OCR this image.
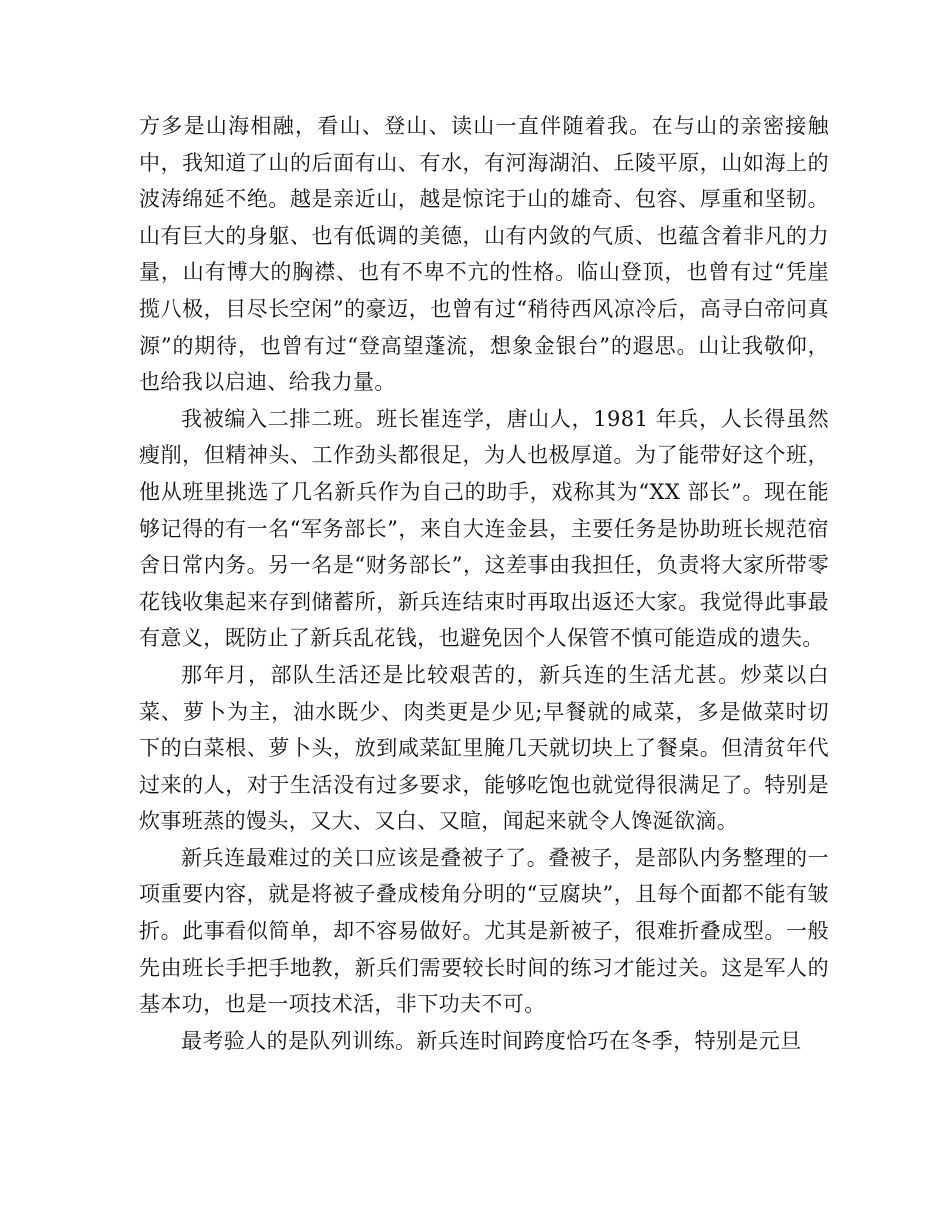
方多是山海相融，看山、登山、读山一直伴随着我。在与山的亲密接触中，我知道了山的后面有山、有水，有河海湖泊、丘陵平原，山如海上的波涛绵延不绝。越是亲近山，越是惊诧于山的雄奇、包容、厚重和坚韧。山有巨大的身躯、也有低调的美德，山有内敛的气质、也蕴含着非凡的力量，山有博大的胸襟、也有不卑不亢的性格。临山登顶，也曾有过“凭崖揽八极，目尽长空闲”的豪迈，也曾有过“稍待西风凉冷后，高寻白帝问真源”的期待，也曾有过“登高望蓬流，想象金银台”的遐思。山让我敬仰，也给我以启迪、给我力量。

我被编入二排二班。班长崔连学，唐山人，1981 年兵，人长得虽然瘦削，但精神头、工作劲头都很足，为人也极厚道。为了能带好这个班，他从班里挑选了几名新兵作为自己的助手，戏称其为“XX 部长”。现在能够记得的有一名“军务部长”，来自大连金县，主要任务是协助班长规范宿舍日常内务。另一名是“财务部长”，这差事由我担任，负责将大家所带零花钱收集起来存到储蓄所，新兵连结束时再取出返还大家。我觉得此事最有意义，既防止了新兵乱花钱，也避免因个人保管不慎可能造成的遗失。

那年月，部队生活还是比较艰苦的，新兵连的生活尤甚。炒菜以白菜、萝卜为主，油水既少、肉类更是少见;早餐就的咸菜，多是做菜时切下的白菜根、萝卜头，放到咸菜缸里腌几天就切块上了餐桌。但清贫年代过来的人，对于生活没有过多要求，能够吃饱也就觉得很满足了。特别是炊事班蒸的馒头，又大、又白、又暄，闻起来就令人馋涎欲滴。

新兵连最难过的关口应该是叠被子了。叠被子，是部队内务整理的一项重要内容，就是将被子叠成棱角分明的“豆腐块”，且每个面都不能有皱折。此事看似简单，却不容易做好。尤其是新被子，很难折叠成型。一般先由班长手把手地教，新兵们需要较长时间的练习才能过关。这是军人的基本功，也是一项技术活，非下功夫不可。

最考验人的是队列训练。新兵连时间跨度恰巧在冬季，特别是元旦
